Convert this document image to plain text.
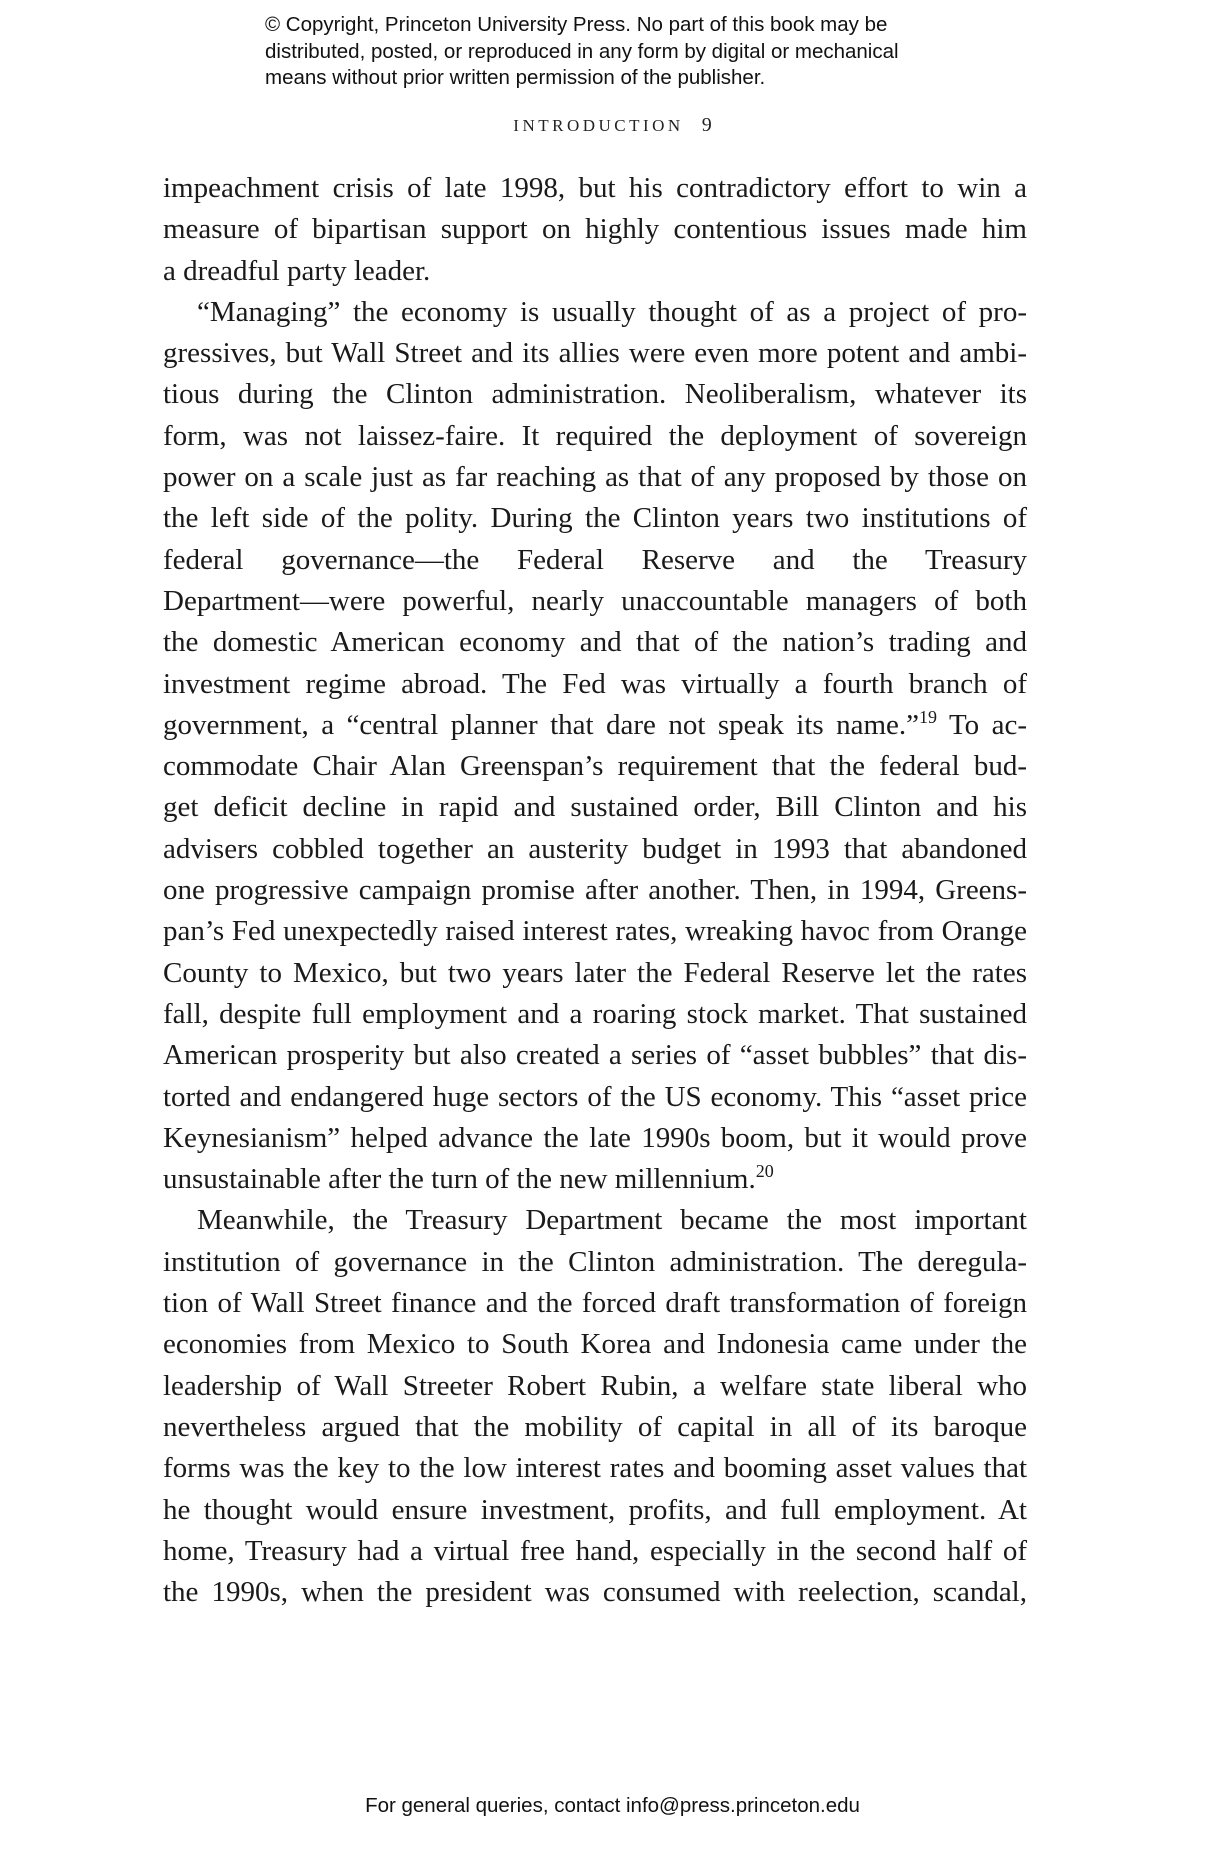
© Copyright, Princeton University Press. No part of this book may be
distributed, posted, or reproduced in any form by digital or mechanical
means without prior written permission of the publisher.
INTRODUCTION 9
impeachment crisis of late 1998, but his contradictory effort to win a
measure of bipartisan support on highly contentious issues made him
a dreadful party leader.
“Managing” the economy is usually thought of as a project of pro-
gressives, but Wall Street and its allies were even more potent and ambi-
tious during the Clinton administration. Neoliberalism, whatever its
form, was not laissez-faire. It required the deployment of sovereign
power on a scale just as far reaching as that of any proposed by those on
the left side of the polity. During the Clinton years two institutions of
federal governance—the Federal Reserve and the Treasury
Department—were powerful, nearly unaccountable managers of both
the domestic American economy and that of the nation’s trading and
investment regime abroad. The Fed was virtually a fourth branch of
government, a “central planner that dare not speak its name.”$^{19}$ To ac-
commodate Chair Alan Greenspan’s requirement that the federal bud-
get deficit decline in rapid and sustained order, Bill Clinton and his
advisers cobbled together an austerity budget in 1993 that abandoned
one progressive campaign promise after another. Then, in 1994, Greens-
pan’s Fed unexpectedly raised interest rates, wreaking havoc from Orange
County to Mexico, but two years later the Federal Reserve let the rates
fall, despite full employment and a roaring stock market. That sustained
American prosperity but also created a series of “asset bubbles” that dis-
torted and endangered huge sectors of the US economy. This “asset price
Keynesianism” helped advance the late 1990s boom, but it would prove
unsustainable after the turn of the new millennium.$^{20}$
Meanwhile, the Treasury Department became the most important
institution of governance in the Clinton administration. The deregula-
tion of Wall Street finance and the forced draft transformation of foreign
economies from Mexico to South Korea and Indonesia came under the
leadership of Wall Streeter Robert Rubin, a welfare state liberal who
nevertheless argued that the mobility of capital in all of its baroque
forms was the key to the low interest rates and booming asset values that
he thought would ensure investment, profits, and full employment. At
home, Treasury had a virtual free hand, especially in the second half of
the 1990s, when the president was consumed with reelection, scandal,
For general queries, contact info@press.princeton.edu
